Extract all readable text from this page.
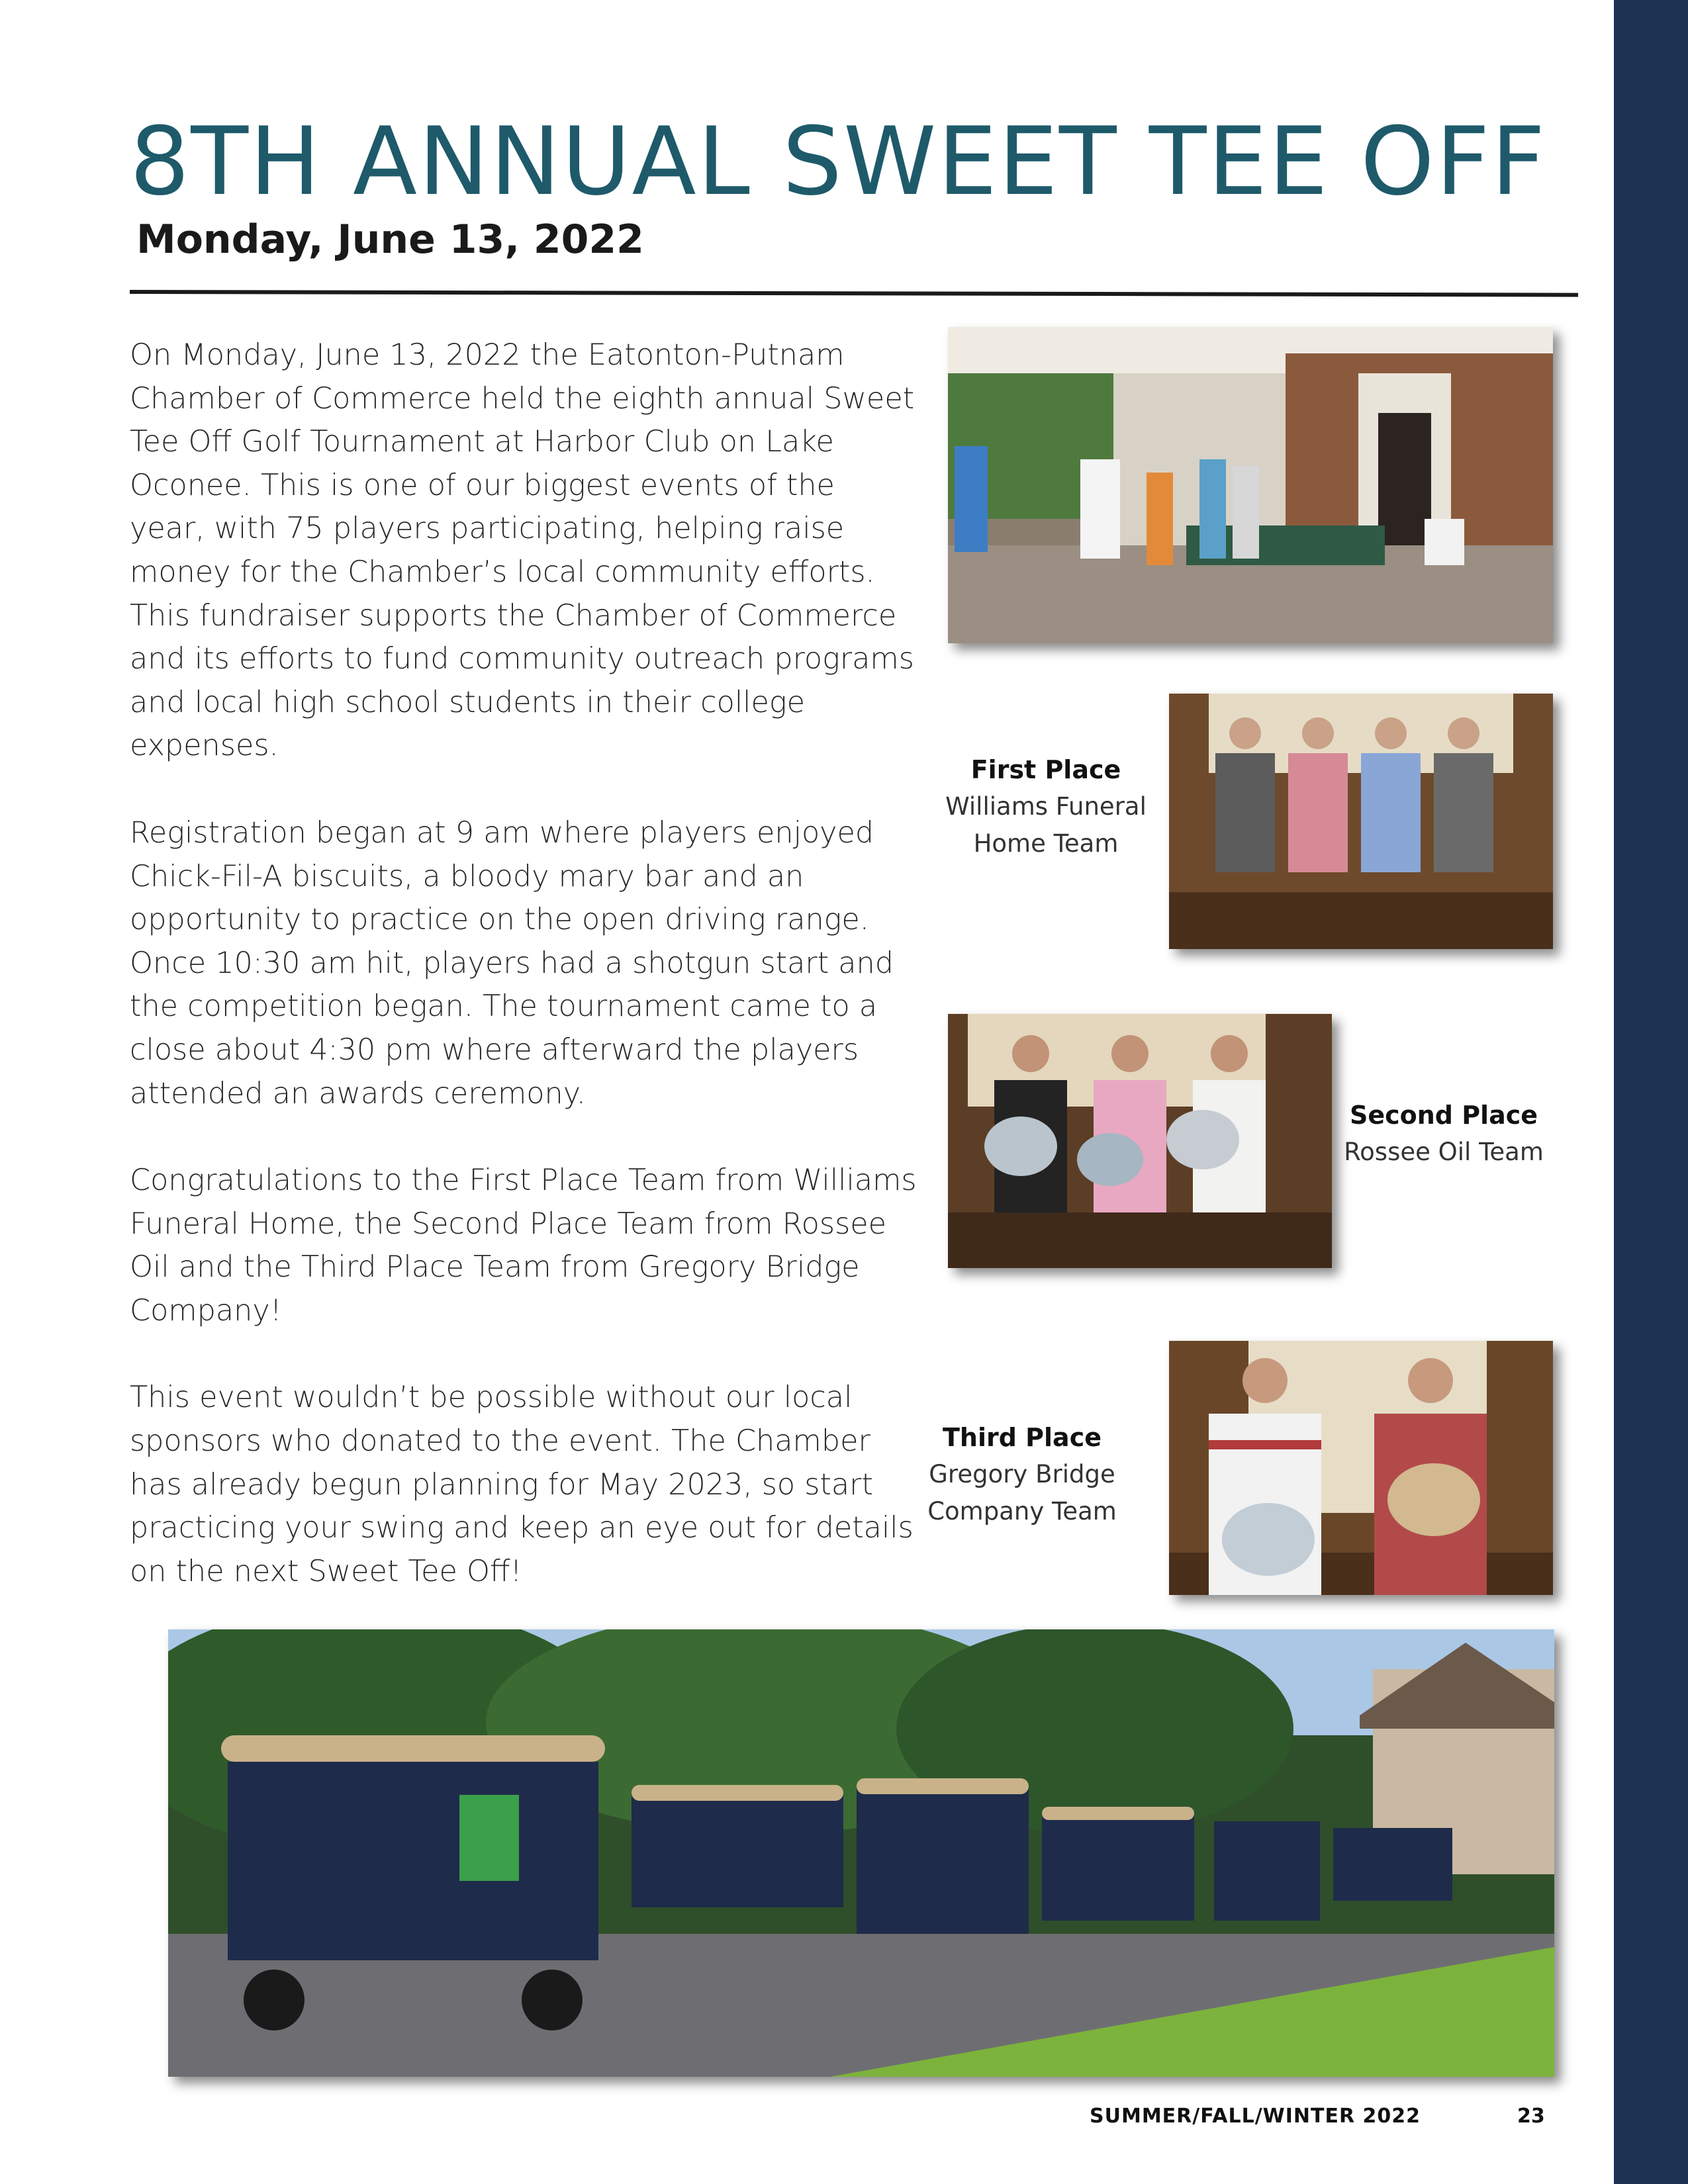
8TH ANNUAL SWEET TEE OFF
Monday, June 13, 2022

On Monday, June 13, 2022 the Eatonton-Putnam Chamber of Commerce held the eighth annual Sweet Tee Off Golf Tournament at Harbor Club on Lake Oconee. This is one of our biggest events of the year, with 75 players participating, helping raise money for the Chamber’s local community efforts. This fundraiser supports the Chamber of Commerce and its efforts to fund community outreach programs and local high school students in their college expenses.

Registration began at 9 am where players enjoyed Chick-Fil-A biscuits, a bloody mary bar and an opportunity to practice on the open driving range. Once 10:30 am hit, players had a shotgun start and the competition began. The tournament came to a close about 4:30 pm where afterward the players attended an awards ceremony.

Congratulations to the First Place Team from Williams Funeral Home, the Second Place Team from Rossee Oil and the Third Place Team from Gregory Bridge Company!

This event wouldn’t be possible without our local sponsors who donated to the event. The Chamber has already begun planning for May 2023, so start practicing your swing and keep an eye out for details on the next Sweet Tee Off!

First Place
Williams Funeral
Home Team
Second Place
Rossee Oil Team
Third Place
Gregory Bridge
Company Team
SUMMER/FALL/WINTER 2022	23
